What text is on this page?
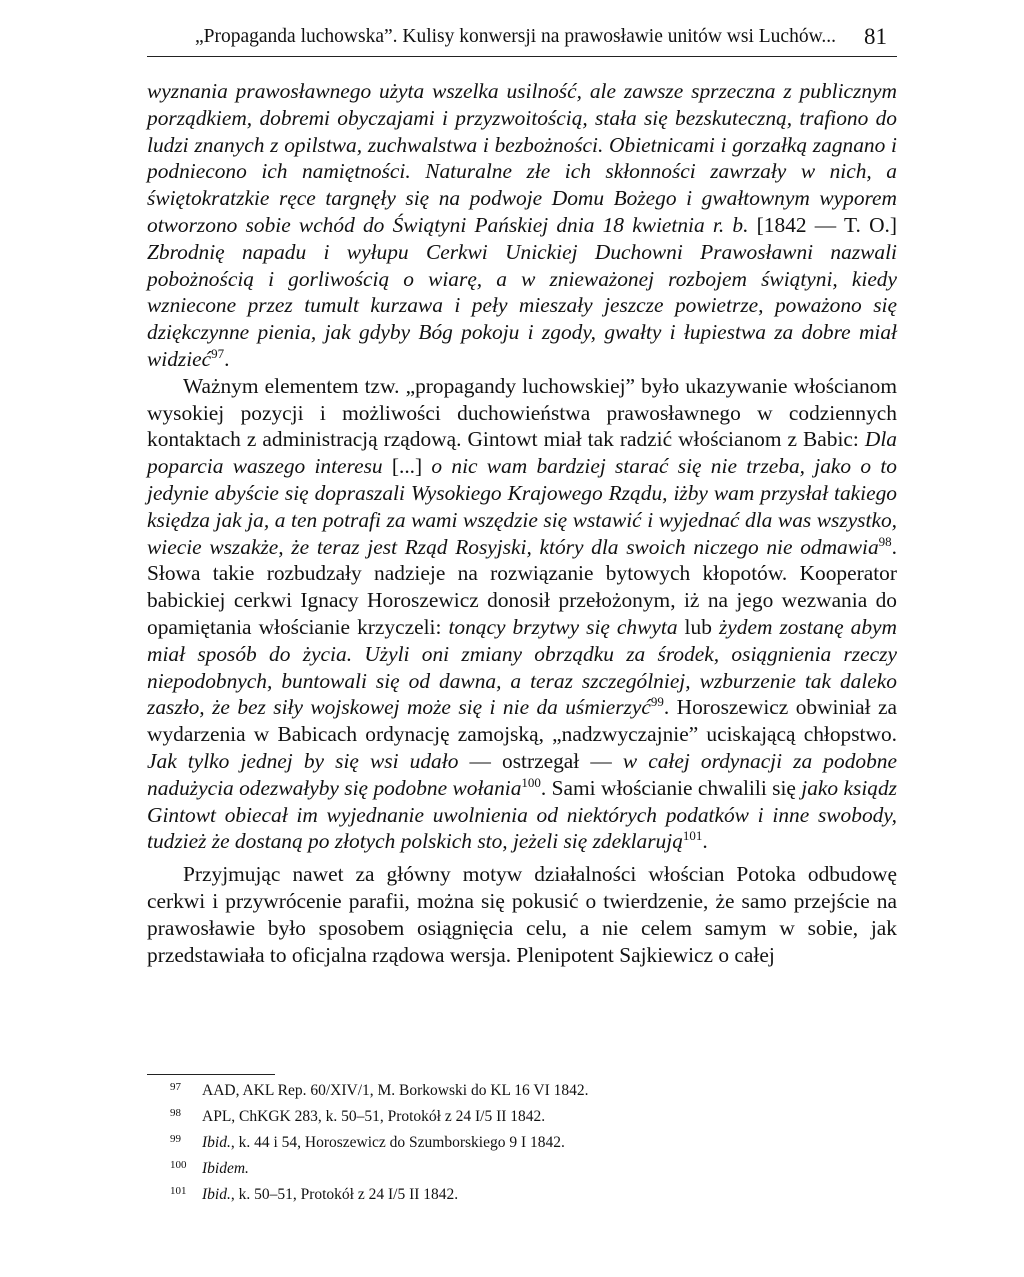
„Propaganda luchowska”. Kulisy konwersji na prawosławie unitów wsi Luchów... 81

wyznania prawosławnego użyta wszelka usilność, ale zawsze sprzeczna z publicznym porządkiem, dobremi obyczajami i przyzwoitością, stała się bezskuteczną, trafiono do ludzi znanych z opilstwa, zuchwalstwa i bezbożności. Obietnicami i gorzałką zagnano i podniecono ich namiętności. Naturalne złe ich skłonności zawrzały w nich, a świętokratzkie ręce targnęły się na podwoje Domu Bożego i gwałtownym wyporem otworzono sobie wchód do Świątyni Pańskiej dnia 18 kwietnia r. b. [1842 — T. O.] Zbrodnię napadu i wyłupu Cerkwi Unickiej Duchowni Prawosławni nazwali pobożnością i gorliwością o wiarę, a w znieważonej rozbojem świątyni, kiedy wzniecone przez tumult kurzawa i peły mieszały jeszcze powietrze, poważono się dziękczynne pienia, jak gdyby Bóg pokoju i zgody, gwałty i łupiestwa za dobre miał widzieć$^{97}$.

Ważnym elementem tzw. „propagandy luchowskiej” było ukazywanie włościanom wysokiej pozycji i możliwości duchowieństwa prawosławnego w codziennych kontaktach z administracją rządową. Gintowt miał tak radzić włościanom z Babic: Dla poparcia waszego interesu [...] o nic wam bardziej starać się nie trzeba, jako o to jedynie abyście się dopraszali Wysokiego Krajowego Rządu, iżby wam przysłał takiego księdza jak ja, a ten potrafi za wami wszędzie się wstawić i wyjednać dla was wszystko, wiecie wszakże, że teraz jest Rząd Rosyjski, który dla swoich niczego nie odmawia$^{98}$. Słowa takie rozbudzały nadzieje na rozwiązanie bytowych kłopotów. Kooperator babickiej cerkwi Ignacy Horoszewicz donosił przełożonym, iż na jego wezwania do opamiętania włościanie krzyczeli: tonący brzytwy się chwyta lub żydem zostanę abym miał sposób do życia. Użyli oni zmiany obrządku za środek, osiągnienia rzeczy niepodobnych, buntowali się od dawna, a teraz szczególniej, wzburzenie tak daleko zaszło, że bez siły wojskowej może się i nie da uśmierzyć$^{99}$. Horoszewicz obwiniał za wydarzenia w Babicach ordynację zamojską, „nadzwyczajnie” uciskającą chłopstwo. Jak tylko jednej by się wsi udało — ostrzegał — w całej ordynacji za podobne nadużycia odezwałyby się podobne wołania$^{100}$. Sami włościanie chwalili się jako ksiądz Gintowt obiecał im wyjednanie uwolnienia od niektórych podatków i inne swobody, tudzież że dostaną po złotych polskich sto, jeżeli się zdeklarują$^{101}$.

Przyjmując nawet za główny motyw działalności włościan Potoka odbudowę cerkwi i przywrócenie parafii, można się pokusić o twierdzenie, że samo przejście na prawosławie było sposobem osiągnięcia celu, a nie celem samym w sobie, jak przedstawiała to oficjalna rządowa wersja. Plenipotent Sajkiewicz o całej

97 AAD, AKL Rep. 60/XIV/1, M. Borkowski do KL 16 VI 1842.
98 APL, ChKGK 283, k. 50–51, Protokół z 24 I/5 II 1842.
99 Ibid., k. 44 i 54, Horoszewicz do Szumborskiego 9 I 1842.
100 Ibidem.
101 Ibid., k. 50–51, Protokół z 24 I/5 II 1842.
